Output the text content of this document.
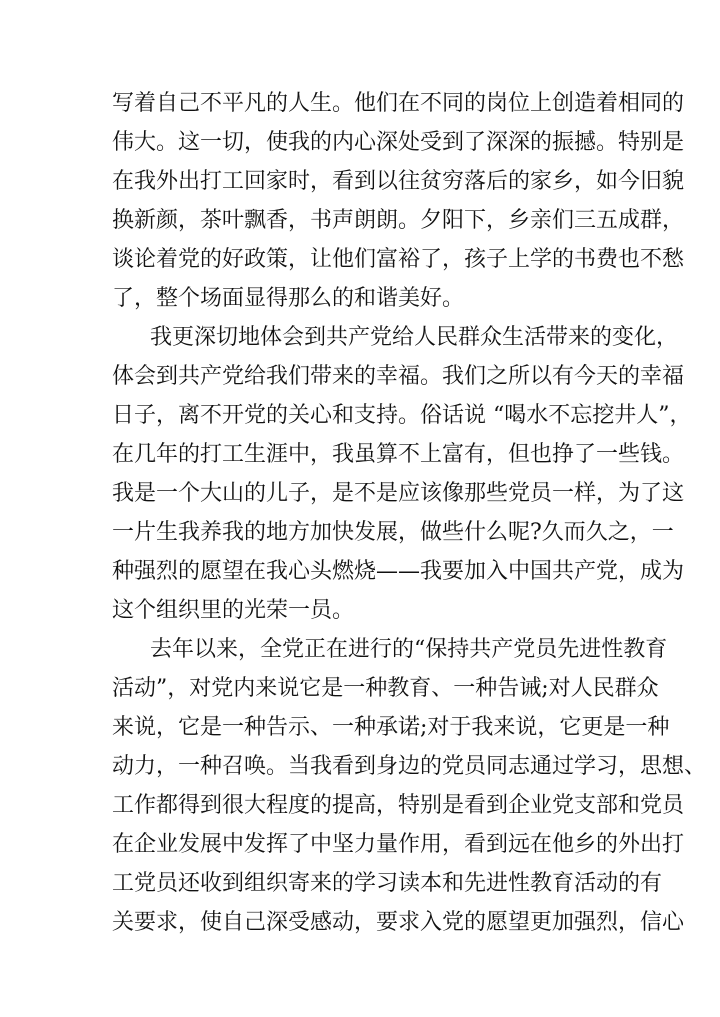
写着自己不平凡的人生。他们在不同的岗位上创造着相同的
伟大。这一切，使我的内心深处受到了深深的振撼。特别是
在我外出打工回家时，看到以往贫穷落后的家乡，如今旧貌
换新颜，茶叶飘香，书声朗朗。夕阳下，乡亲们三五成群，
谈论着党的好政策，让他们富裕了，孩子上学的书费也不愁
了，整个场面显得那么的和谐美好。
我更深切地体会到共产党给人民群众生活带来的变化，
体会到共产党给我们带来的幸福。我们之所以有今天的幸福
日子，离不开党的关心和支持。俗话说 “喝水不忘挖井人”，
在几年的打工生涯中，我虽算不上富有，但也挣了一些钱。
我是一个大山的儿子，是不是应该像那些党员一样，为了这
一片生我养我的地方加快发展，做些什么呢?久而久之，一
种强烈的愿望在我心头燃烧——我要加入中国共产党，成为
这个组织里的光荣一员。
去年以来，全党正在进行的“保持共产党员先进性教育
活动”，对党内来说它是一种教育、一种告诫;对人民群众
来说，它是一种告示、一种承诺;对于我来说，它更是一种
动力，一种召唤。当我看到身边的党员同志通过学习，思想、
工作都得到很大程度的提高，特别是看到企业党支部和党员
在企业发展中发挥了中坚力量作用，看到远在他乡的外出打
工党员还收到组织寄来的学习读本和先进性教育活动的有
关要求，使自己深受感动，要求入党的愿望更加强烈，信心
